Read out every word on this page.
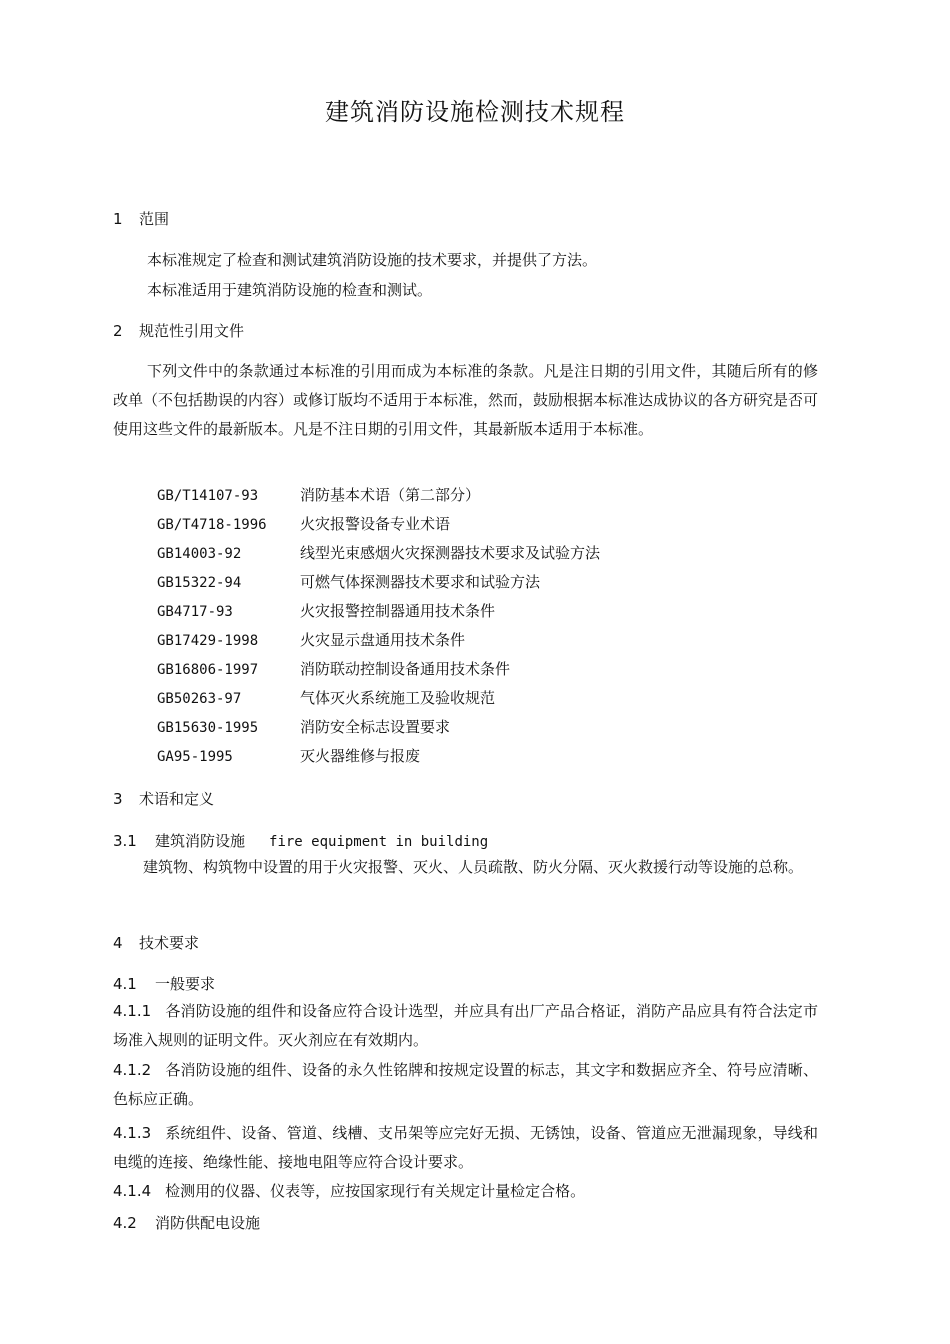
建筑消防设施检测技术规程
1 范围
本标准规定了检查和测试建筑消防设施的技术要求，并提供了方法。
本标准适用于建筑消防设施的检查和测试。
2 规范性引用文件
下列文件中的条款通过本标准的引用而成为本标准的条款。凡是注日期的引用文件，其随后所有的修改单（不包括勘误的内容）或修订版均不适用于本标准，然而，鼓励根据本标准达成协议的各方研究是否可使用这些文件的最新版本。凡是不注日期的引用文件，其最新版本适用于本标准。
GB/T14107-93	消防基本术语（第二部分）
GB/T4718-1996 火灾报警设备专业术语
GB14003-92	线型光束感烟火灾探测器技术要求及试验方法
GB15322-94	可燃气体探测器技术要求和试验方法
GB4717-93	火灾报警控制器通用技术条件
GB17429-1998	火灾显示盘通用技术条件
GB16806-1997	消防联动控制设备通用技术条件
GB50263-97	气体灭火系统施工及验收规范
GB15630-1995	消防安全标志设置要求
GA95-1995	灭火器维修与报废
3 术语和定义
3.1 建筑消防设施 fire equipment in building
建筑物、构筑物中设置的用于火灾报警、灭火、人员疏散、防火分隔、灭火救援行动等设施的总称。
4 技术要求
4.1 一般要求
4.1.1 各消防设施的组件和设备应符合设计选型，并应具有出厂产品合格证，消防产品应具有符合法定市场准入规则的证明文件。灭火剂应在有效期内。
4.1.2 各消防设施的组件、设备的永久性铭牌和按规定设置的标志，其文字和数据应齐全、符号应清晰、色标应正确。
4.1.3 系统组件、设备、管道、线槽、支吊架等应完好无损、无锈蚀，设备、管道应无泄漏现象，导线和电缆的连接、绝缘性能、接地电阻等应符合设计要求。
4.1.4 检测用的仪器、仪表等，应按国家现行有关规定计量检定合格。
4.2 消防供配电设施
